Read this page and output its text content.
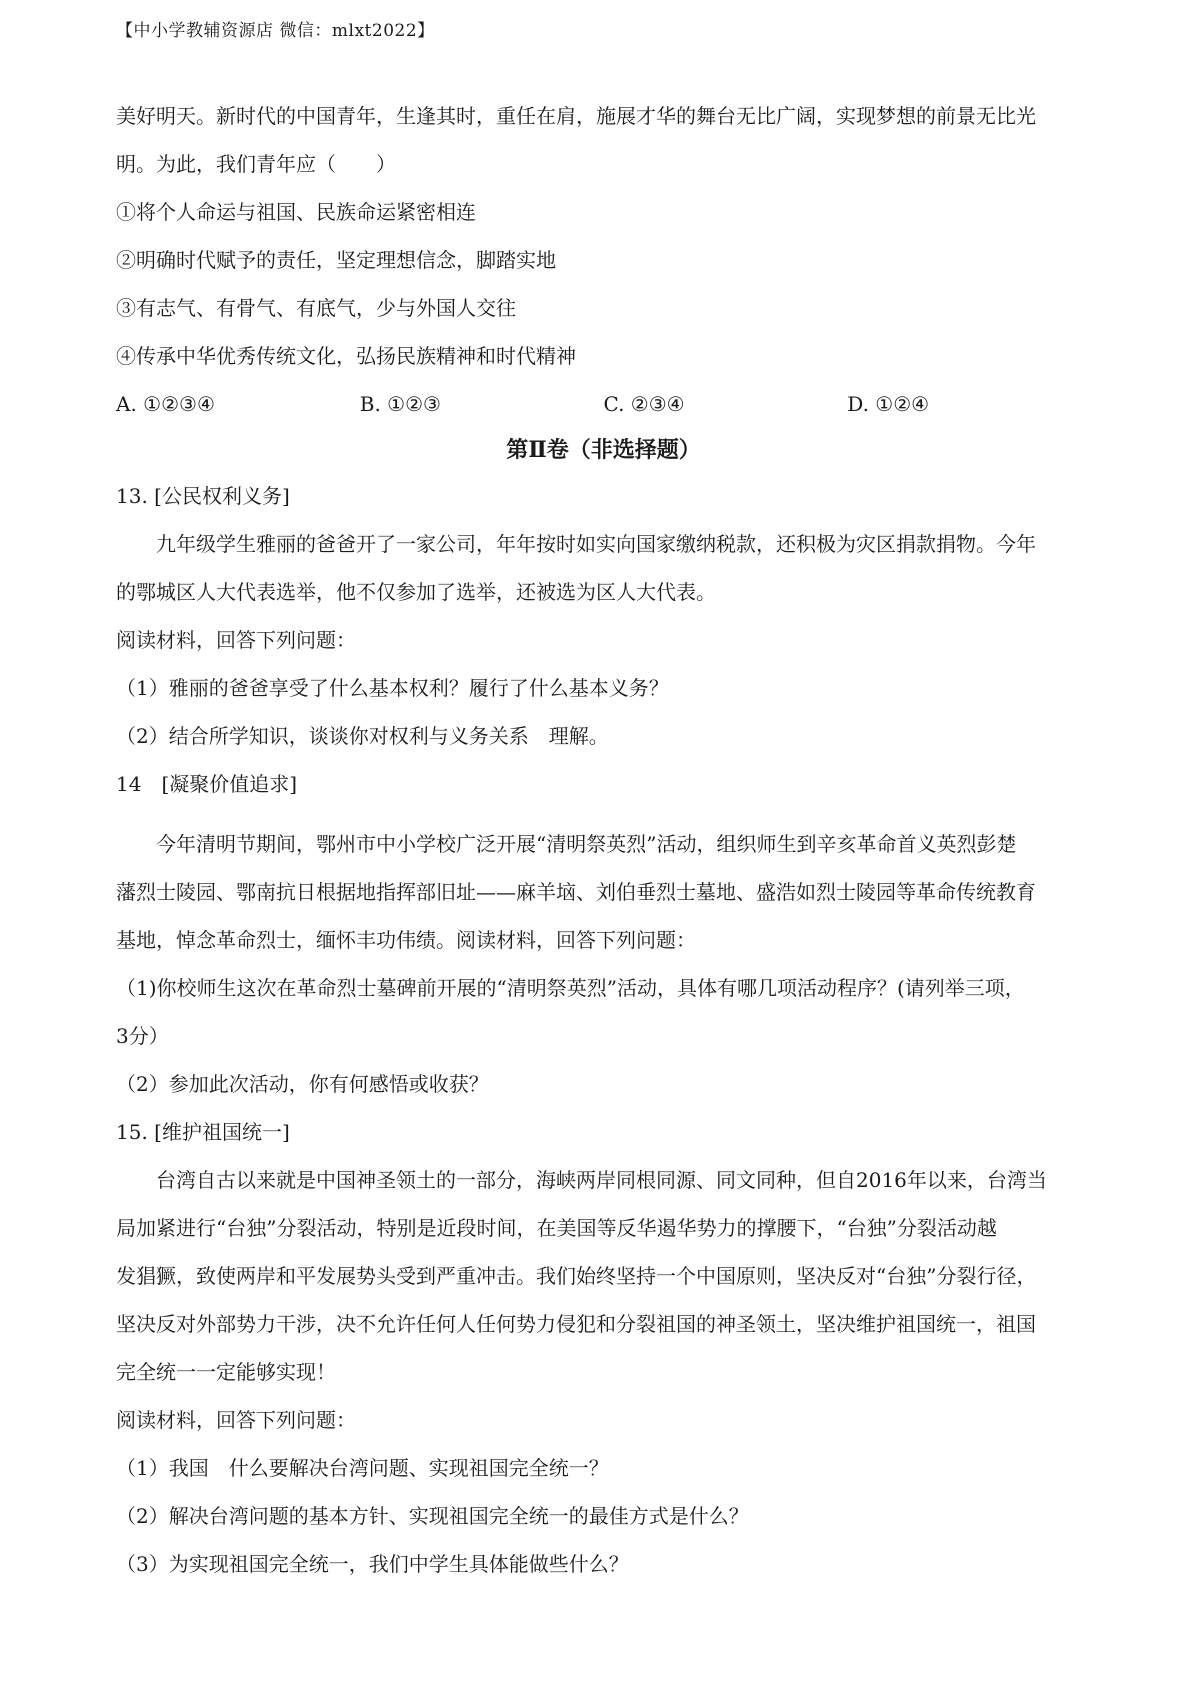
【中小学教辅资源店 微信：mlxt2022】
美好明天。新时代的中国青年，生逢其时，重任在肩，施展才华的舞台无比广阔，实现梦想的前景无比光
明。为此，我们青年应（　　）
①将个人命运与祖国、民族命运紧密相连
②明确时代赋予的责任，坚定理想信念，脚踏实地
③有志气、有骨气、有底气，少与外国人交往
④传承中华优秀传统文化，弘扬民族精神和时代精神
A. ①②③④	B. ①②③	C. ②③④	D. ①②④
第Ⅱ卷（非选择题）
13. [公民权利义务]
九年级学生雅丽的爸爸开了一家公司，年年按时如实向国家缴纳税款，还积极为灾区捐款捐物。今年
的鄂城区人大代表选举，他不仅参加了选举，还被选为区人大代表。
阅读材料，回答下列问题：
（1）雅丽的爸爸享受了什么基本权利？履行了什么基本义务？
（2）结合所学知识，谈谈你对权利与义务关系　理解。
14　[凝聚价值追求]
今年清明节期间，鄂州市中小学校广泛开展“清明祭英烈”活动，组织师生到辛亥革命首义英烈彭楚
藩烈士陵园、鄂南抗日根据地指挥部旧址——麻羊垴、刘伯垂烈士墓地、盛浩如烈士陵园等革命传统教育
基地，悼念革命烈士，缅怀丰功伟绩。阅读材料，回答下列问题：
（1)你校师生这次在革命烈士墓碑前开展的“清明祭英烈”活动，具体有哪几项活动程序？(请列举三项，
3分）
（2）参加此次活动，你有何感悟或收获？
15. [维护祖国统一]
台湾自古以来就是中国神圣领土的一部分，海峡两岸同根同源、同文同种，但自2016年以来，台湾当
局加紧进行“台独”分裂活动，特别是近段时间，在美国等反华遏华势力的撑腰下，“台独”分裂活动越
发猖獗，致使两岸和平发展势头受到严重冲击。我们始终坚持一个中国原则，坚决反对“台独”分裂行径，
坚决反对外部势力干涉，决不允许任何人任何势力侵犯和分裂祖国的神圣领土，坚决维护祖国统一，祖国
完全统一一定能够实现！
阅读材料，回答下列问题：
（1）我国　什么要解决台湾问题、实现祖国完全统一？
（2）解决台湾问题的基本方针、实现祖国完全统一的最佳方式是什么？
（3）为实现祖国完全统一，我们中学生具体能做些什么？
